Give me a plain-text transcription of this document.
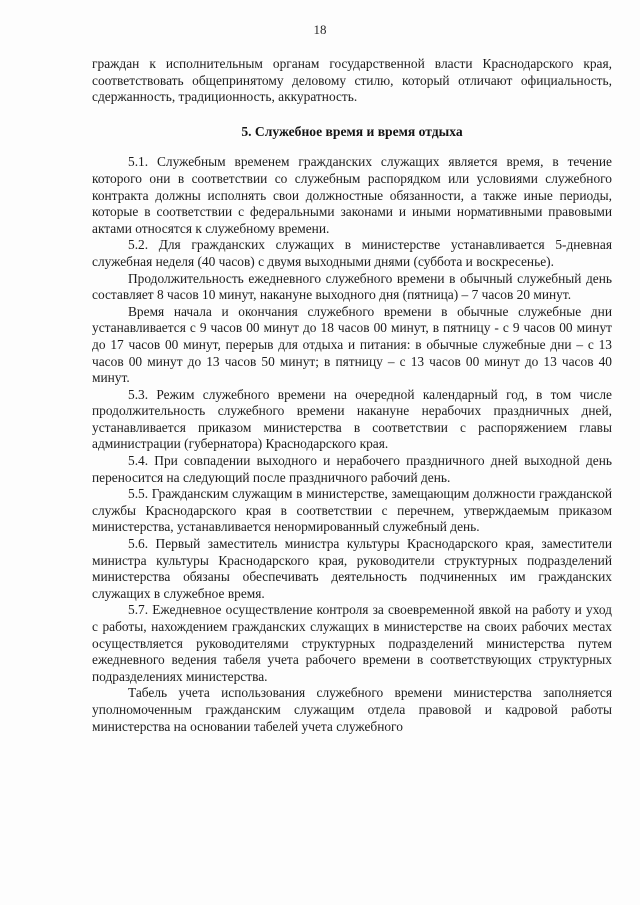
18

граждан к исполнительным органам государственной власти Краснодарского края, соответствовать общепринятому деловому стилю, который отличают официальность, сдержанность, традиционность, аккуратность.

5. Служебное время и время отдыха

5.1. Служебным временем гражданских служащих является время, в течение которого они в соответствии со служебным распорядком или условиями служебного контракта должны исполнять свои должностные обязанности, а также иные периоды, которые в соответствии с федеральными законами и иными нормативными правовыми актами относятся к служебному времени.

5.2. Для гражданских служащих в министерстве устанавливается 5-дневная служебная неделя (40 часов) с двумя выходными днями (суббота и воскресенье).

Продолжительность ежедневного служебного времени в обычный служебный день составляет 8 часов 10 минут, накануне выходного дня (пятница) – 7 часов 20 минут.

Время начала и окончания служебного времени в обычные служебные дни устанавливается с 9 часов 00 минут до 18 часов 00 минут, в пятницу - с 9 часов 00 минут до 17 часов 00 минут, перерыв для отдыха и питания: в обычные служебные дни – с 13 часов 00 минут до 13 часов 50 минут; в пятницу – с 13 часов 00 минут до 13 часов 40 минут.

5.3. Режим служебного времени на очередной календарный год, в том числе продолжительность служебного времени накануне нерабочих праздничных дней, устанавливается приказом министерства в соответствии с распоряжением главы администрации (губернатора) Краснодарского края.

5.4. При совпадении выходного и нерабочего праздничного дней выходной день переносится на следующий после праздничного рабочий день.

5.5. Гражданским служащим в министерстве, замещающим должности гражданской службы Краснодарского края в соответствии с перечнем, утверждаемым приказом министерства, устанавливается ненормированный служебный день.

5.6. Первый заместитель министра культуры Краснодарского края, заместители министра культуры Краснодарского края, руководители структурных подразделений министерства обязаны обеспечивать деятельность подчиненных им гражданских служащих в служебное время.

5.7. Ежедневное осуществление контроля за своевременной явкой на работу и уход с работы, нахождением гражданских служащих в министерстве на своих рабочих местах осуществляется руководителями структурных подразделений министерства путем ежедневного ведения табеля учета рабочего времени в соответствующих структурных подразделениях министерства.

Табель учета использования служебного времени министерства заполняется уполномоченным гражданским служащим отдела правовой и кадровой работы министерства на основании табелей учета служебного
